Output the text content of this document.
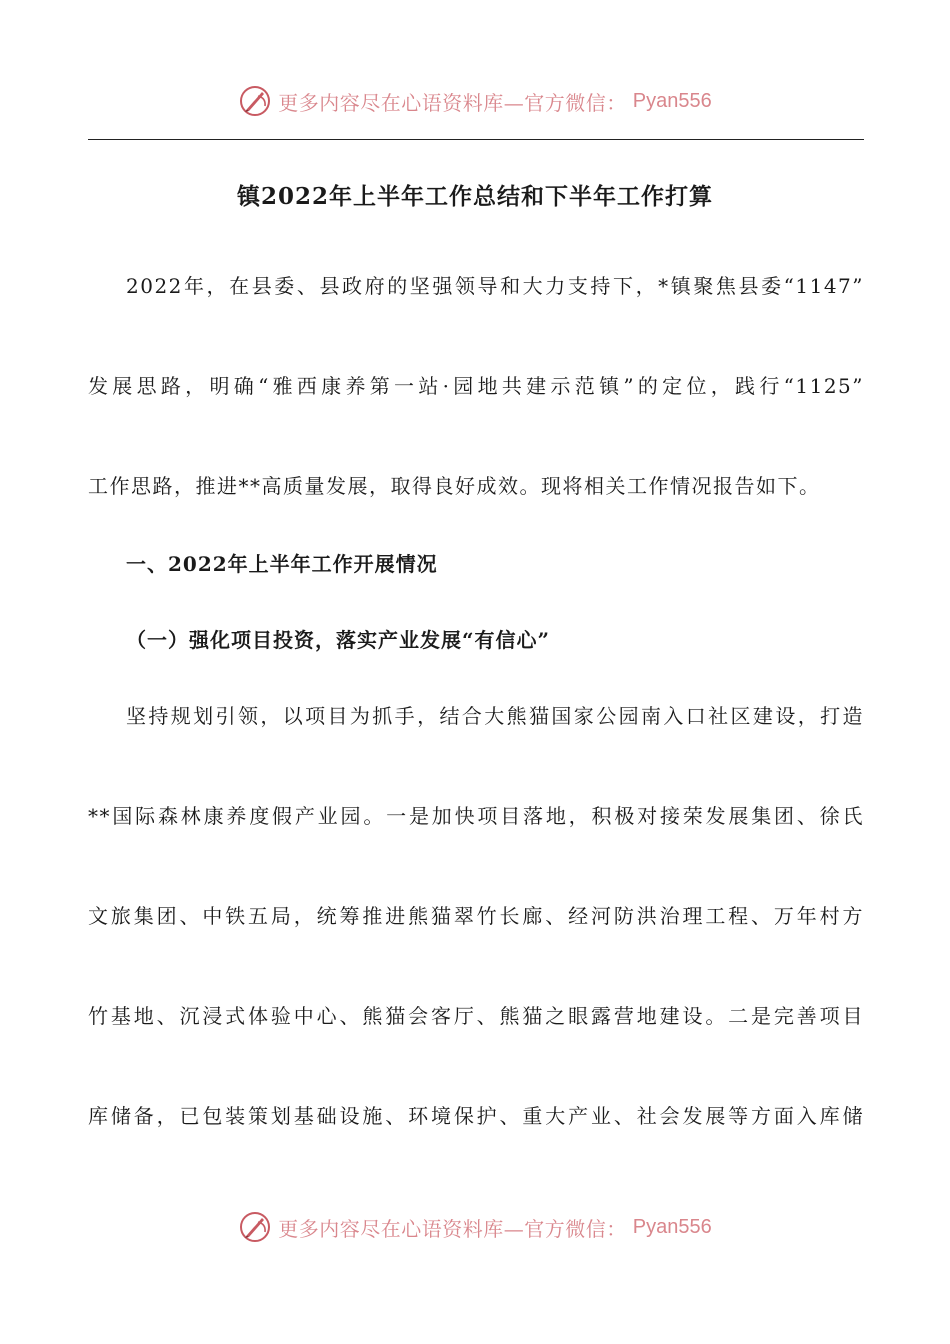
更多内容尽在心语资料库—官方微信： Pyan556
镇2022年上半年工作总结和下半年工作打算
2022年，在县委、县政府的坚强领导和大力支持下，*镇聚焦县委“1147”
发展思路，明确“雅西康养第一站·园地共建示范镇”的定位，践行“1125”
工作思路，推进**高质量发展，取得良好成效。现将相关工作情况报告如下。
一、2022年上半年工作开展情况
（一）强化项目投资，落实产业发展“有信心”
坚持规划引领，以项目为抓手，结合大熊猫国家公园南入口社区建设，打造
**国际森林康养度假产业园。一是加快项目落地，积极对接荣发展集团、徐氏
文旅集团、中铁五局，统筹推进熊猫翠竹长廊、经河防洪治理工程、万年村方
竹基地、沉浸式体验中心、熊猫会客厅、熊猫之眼露营地建设。二是完善项目
库储备，已包装策划基础设施、环境保护、重大产业、社会发展等方面入库储
更多内容尽在心语资料库—官方微信： Pyan556
